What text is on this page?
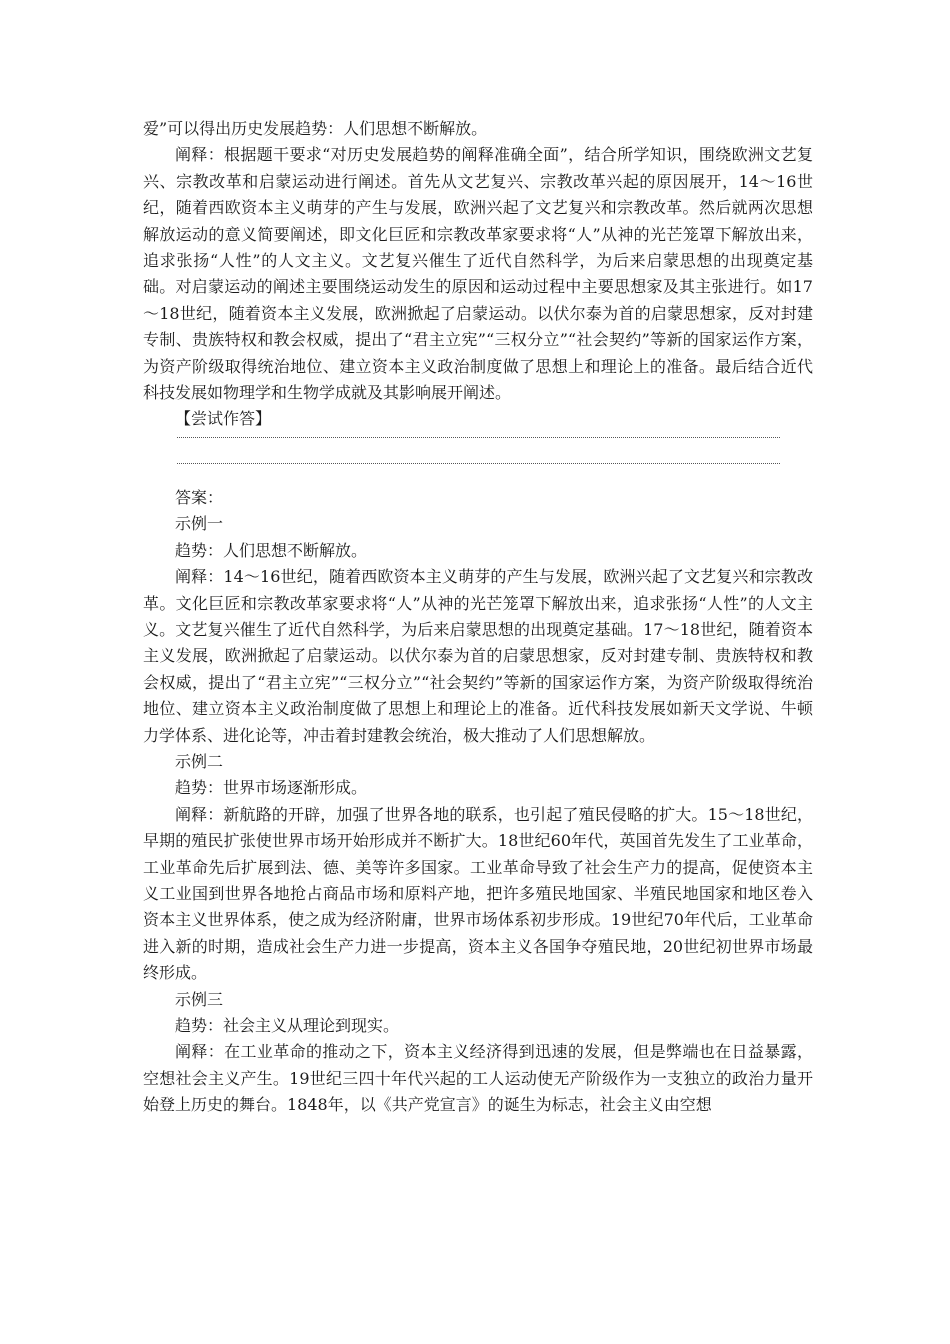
爱”可以得出历史发展趋势：人们思想不断解放。

阐释：根据题干要求“对历史发展趋势的阐释准确全面”，结合所学知识，围绕欧洲文艺复兴、宗教改革和启蒙运动进行阐述。首先从文艺复兴、宗教改革兴起的原因展开，14～16世纪，随着西欧资本主义萌芽的产生与发展，欧洲兴起了文艺复兴和宗教改革。然后就两次思想解放运动的意义简要阐述，即文化巨匠和宗教改革家要求将“人”从神的光芒笼罩下解放出来，追求张扬“人性”的人文主义。文艺复兴催生了近代自然科学，为后来启蒙思想的出现奠定基础。对启蒙运动的阐述主要围绕运动发生的原因和运动过程中主要思想家及其主张进行。如17～18世纪，随着资本主义发展，欧洲掀起了启蒙运动。以伏尔泰为首的启蒙思想家，反对封建专制、贵族特权和教会权威，提出了“君主立宪”“三权分立”“社会契约”等新的国家运作方案，为资产阶级取得统治地位、建立资本主义政治制度做了思想上和理论上的准备。最后结合近代科技发展如物理学和生物学成就及其影响展开阐述。

【尝试作答】

答案：

示例一

趋势：人们思想不断解放。

阐释：14～16世纪，随着西欧资本主义萌芽的产生与发展，欧洲兴起了文艺复兴和宗教改革。文化巨匠和宗教改革家要求将“人”从神的光芒笼罩下解放出来，追求张扬“人性”的人文主义。文艺复兴催生了近代自然科学，为后来启蒙思想的出现奠定基础。17～18世纪，随着资本主义发展，欧洲掀起了启蒙运动。以伏尔泰为首的启蒙思想家，反对封建专制、贵族特权和教会权威，提出了“君主立宪”“三权分立”“社会契约”等新的国家运作方案，为资产阶级取得统治地位、建立资本主义政治制度做了思想上和理论上的准备。近代科技发展如新天文学说、牛顿力学体系、进化论等，冲击着封建教会统治，极大推动了人们思想解放。

示例二

趋势：世界市场逐渐形成。

阐释：新航路的开辟，加强了世界各地的联系，也引起了殖民侵略的扩大。15～18世纪，早期的殖民扩张使世界市场开始形成并不断扩大。18世纪60年代，英国首先发生了工业革命，工业革命先后扩展到法、德、美等许多国家。工业革命导致了社会生产力的提高，促使资本主义工业国到世界各地抢占商品市场和原料产地，把许多殖民地国家、半殖民地国家和地区卷入资本主义世界体系，使之成为经济附庸，世界市场体系初步形成。19世纪70年代后，工业革命进入新的时期，造成社会生产力进一步提高，资本主义各国争夺殖民地，20世纪初世界市场最终形成。

示例三

趋势：社会主义从理论到现实。

阐释：在工业革命的推动之下，资本主义经济得到迅速的发展，但是弊端也在日益暴露，空想社会主义产生。19世纪三四十年代兴起的工人运动使无产阶级作为一支独立的政治力量开始登上历史的舞台。1848年，以《共产党宣言》的诞生为标志，社会主义由空想
